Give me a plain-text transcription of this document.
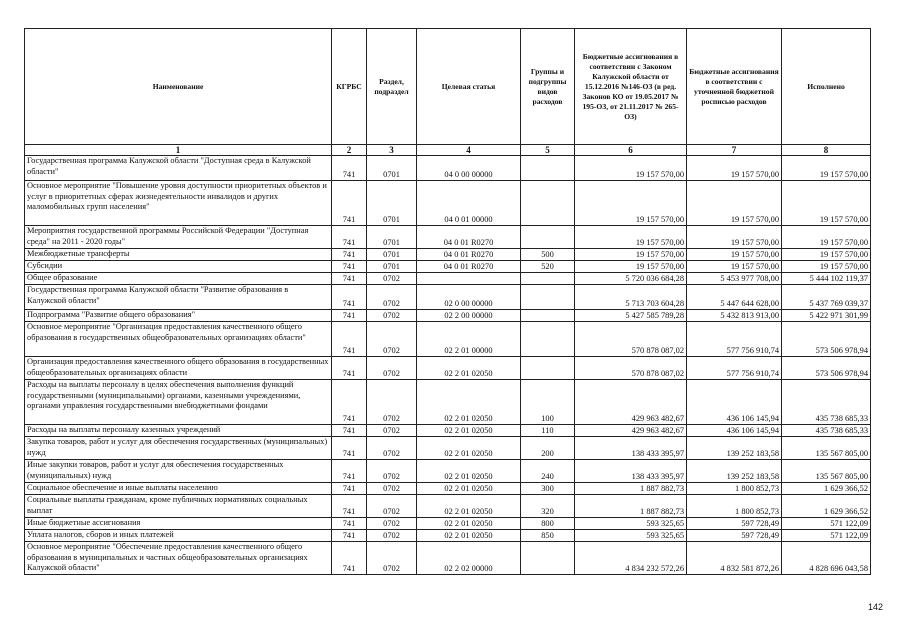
Наименование	КГРБС	Раздел, подраздел	Целевая статья	Группы и подгруппы видов расходов	Бюджетные ассигнования в соответствии с Законом Калужской области от 15.12.2016 №146-ОЗ (в ред. Законов КО от 19.05.2017 № 195-ОЗ, от 21.11.2017 № 265-ОЗ)	Бюджетные ассигнования в соответствии с уточненной бюджетной росписью расходов	Исполнено
1	2	3	4	5	6	7	8
Государственная программа Калужской области "Доступная среда в Калужской области"	741	0701	04 0 00 00000		19 157 570,00	19 157 570,00	19 157 570,00
Основное мероприятие "Повышение уровня доступности приоритетных объектов и услуг в приоритетных сферах жизнедеятельности инвалидов и других маломобильных групп населения"	741	0701	04 0 01 00000		19 157 570,00	19 157 570,00	19 157 570,00
Мероприятия государственной программы Российской Федерации "Доступная среда" на 2011 - 2020 годы"	741	0701	04 0 01 R0270		19 157 570,00	19 157 570,00	19 157 570,00
Межбюджетные трансферты	741	0701	04 0 01 R0270	500	19 157 570,00	19 157 570,00	19 157 570,00
Субсидии	741	0701	04 0 01 R0270	520	19 157 570,00	19 157 570,00	19 157 570,00
Общее образование	741	0702			5 720 036 684,28	5 453 977 708,00	5 444 102 119,37
Государственная программа Калужской области "Развитие образования в Калужской области"	741	0702	02 0 00 00000		5 713 703 604,28	5 447 644 628,00	5 437 769 039,37
Подпрограмма "Развитие общего образования"	741	0702	02 2 00 00000		5 427 585 789,28	5 432 813 913,00	5 422 971 301,99
Основное мероприятие "Организация предоставления качественного общего образования в государственных общеобразовательных организациях области"	741	0702	02 2 01 00000		570 878 087,02	577 756 910,74	573 506 978,94
Организация предоставления качественного общего образования в государственных общеобразовательных организациях области	741	0702	02 2 01 02050		570 878 087,02	577 756 910,74	573 506 978,94
Расходы на выплаты персоналу в целях обеспечения выполнения функций государственными (муниципальными) органами, казенными учреждениями, органами управления государственными внебюджетными фондами	741	0702	02 2 01 02050	100	429 963 482,67	436 106 145,94	435 738 685,33
Расходы на выплаты персоналу казенных учреждений	741	0702	02 2 01 02050	110	429 963 482,67	436 106 145,94	435 738 685,33
Закупка товаров, работ и услуг для обеспечения государственных (муниципальных) нужд	741	0702	02 2 01 02050	200	138 433 395,97	139 252 183,58	135 567 805,00
Иные закупки товаров, работ и услуг для обеспечения государственных (муниципальных) нужд	741	0702	02 2 01 02050	240	138 433 395,97	139 252 183,58	135 567 805,00
Социальное обеспечение и иные выплаты населению	741	0702	02 2 01 02050	300	1 887 882,73	1 800 852,73	1 629 366,52
Социальные выплаты гражданам, кроме публичных нормативных социальных выплат	741	0702	02 2 01 02050	320	1 887 882,73	1 800 852,73	1 629 366,52
Иные бюджетные ассигнования	741	0702	02 2 01 02050	800	593 325,65	597 728,49	571 122,09
Уплата налогов, сборов и иных платежей	741	0702	02 2 01 02050	850	593 325,65	597 728,49	571 122,09
Основное мероприятие "Обеспечение предоставления качественного общего образования в муниципальных и частных общеобразовательных организациях Калужской области"	741	0702	02 2 02 00000		4 834 232 572,26	4 832 581 872,26	4 828 696 043,58
142
